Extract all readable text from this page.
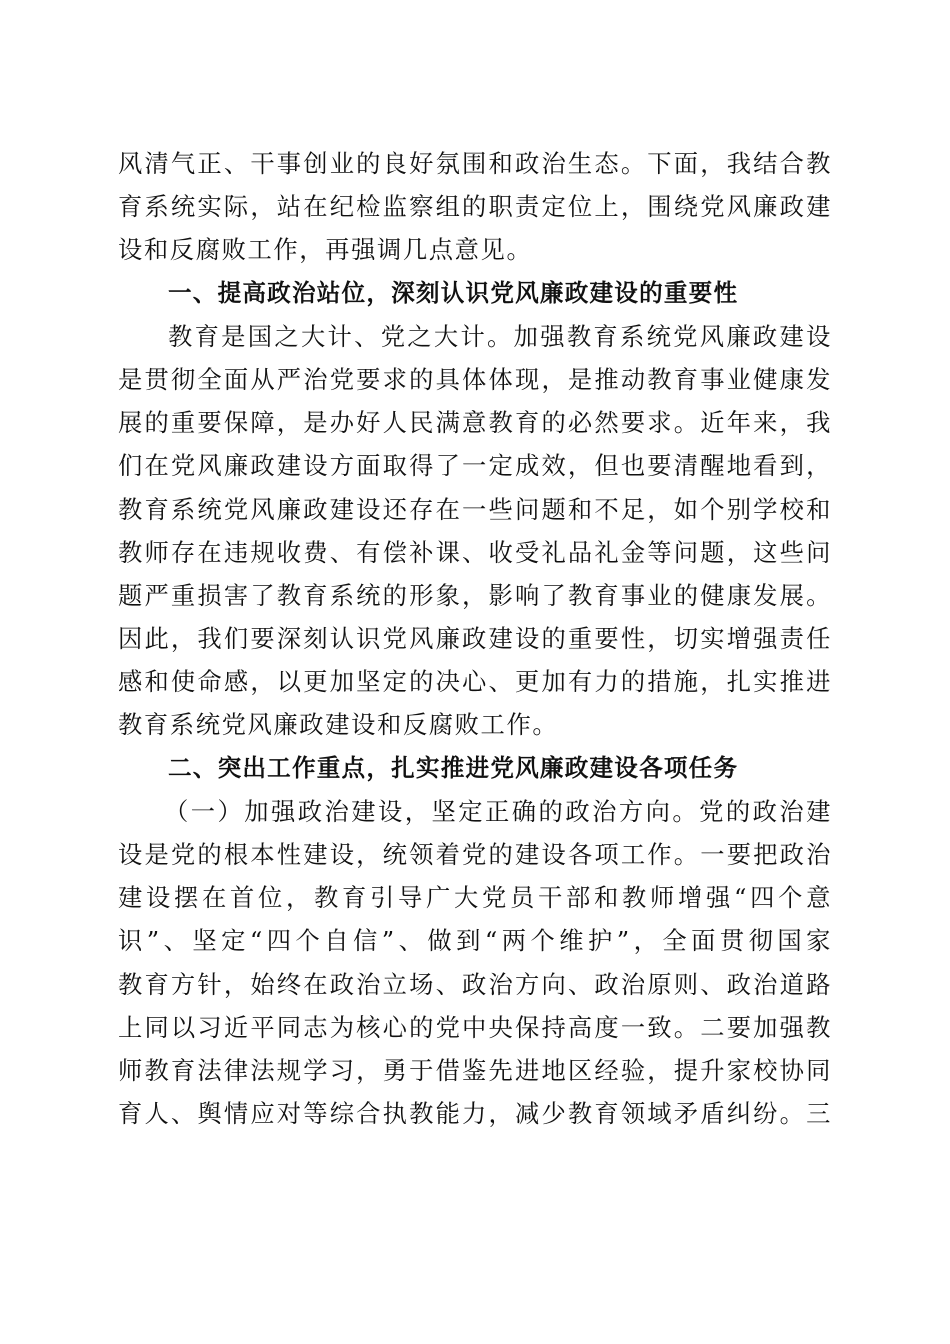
风清气正、干事创业的良好氛围和政治生态。下面，我结合教
育系统实际，站在纪检监察组的职责定位上，围绕党风廉政建
设和反腐败工作，再强调几点意见。
一、提高政治站位，深刻认识党风廉政建设的重要性
教育是国之大计、党之大计。加强教育系统党风廉政建设
是贯彻全面从严治党要求的具体体现，是推动教育事业健康发
展的重要保障，是办好人民满意教育的必然要求。近年来，我
们在党风廉政建设方面取得了一定成效，但也要清醒地看到，
教育系统党风廉政建设还存在一些问题和不足，如个别学校和
教师存在违规收费、有偿补课、收受礼品礼金等问题，这些问
题严重损害了教育系统的形象，影响了教育事业的健康发展。
因此，我们要深刻认识党风廉政建设的重要性，切实增强责任
感和使命感，以更加坚定的决心、更加有力的措施，扎实推进
教育系统党风廉政建设和反腐败工作。
二、突出工作重点，扎实推进党风廉政建设各项任务
（一）加强政治建设，坚定正确的政治方向。党的政治建
设是党的根本性建设，统领着党的建设各项工作。一要把政治
建设摆在首位，教育引导广大党员干部和教师增强“四个意
识”、坚定“四个自信”、做到“两个维护”，全面贯彻国家
教育方针，始终在政治立场、政治方向、政治原则、政治道路
上同以习近平同志为核心的党中央保持高度一致。二要加强教
师教育法律法规学习，勇于借鉴先进地区经验，提升家校协同
育人、舆情应对等综合执教能力，减少教育领域矛盾纠纷。三
